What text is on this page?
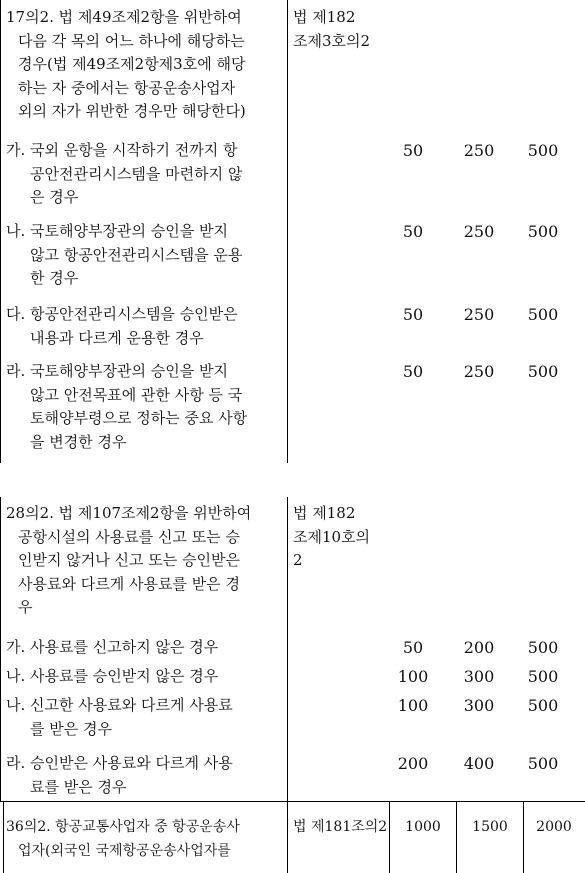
17의2. 법 제49조제2항을 위반하여
다음 각 목의 어느 하나에 해당하는
경우(법 제49조제2항제3호에 해당
하는 자 중에서는 항공운송사업자
외의 자가 위반한 경우만 해당한다)
법 제182
조제3호의2
가. 국외 운항을 시작하기 전까지 항
공안전관리시스템을 마련하지 않
은 경우
50	250	500
나. 국토해양부장관의 승인을 받지
않고 항공안전관리시스템을 운용
한 경우
50	250	500
다. 항공안전관리시스템을 승인받은
내용과 다르게 운용한 경우
50	250	500
라. 국토해양부장관의 승인을 받지
않고 안전목표에 관한 사항 등 국
토해양부령으로 정하는 중요 사항
을 변경한 경우
50	250	500
28의2. 법 제107조제2항을 위반하여
공항시설의 사용료를 신고 또는 승
인받지 않거나 신고 또는 승인받은
사용료와 다르게 사용료를 받은 경
우
법 제182
조제10호의
2
가. 사용료를 신고하지 않은 경우	50	200	500
나. 사용료를 승인받지 않은 경우	100	300	500
나. 신고한 사용료와 다르게 사용료
를 받은 경우
100	300	500
라. 승인받은 사용료와 다르게 사용
료를 받은 경우
200	400	500
36의2. 항공교통사업자 중 항공운송사
업자(외국인 국제항공운송사업자를
법 제181조의2	1000	1500	2000
